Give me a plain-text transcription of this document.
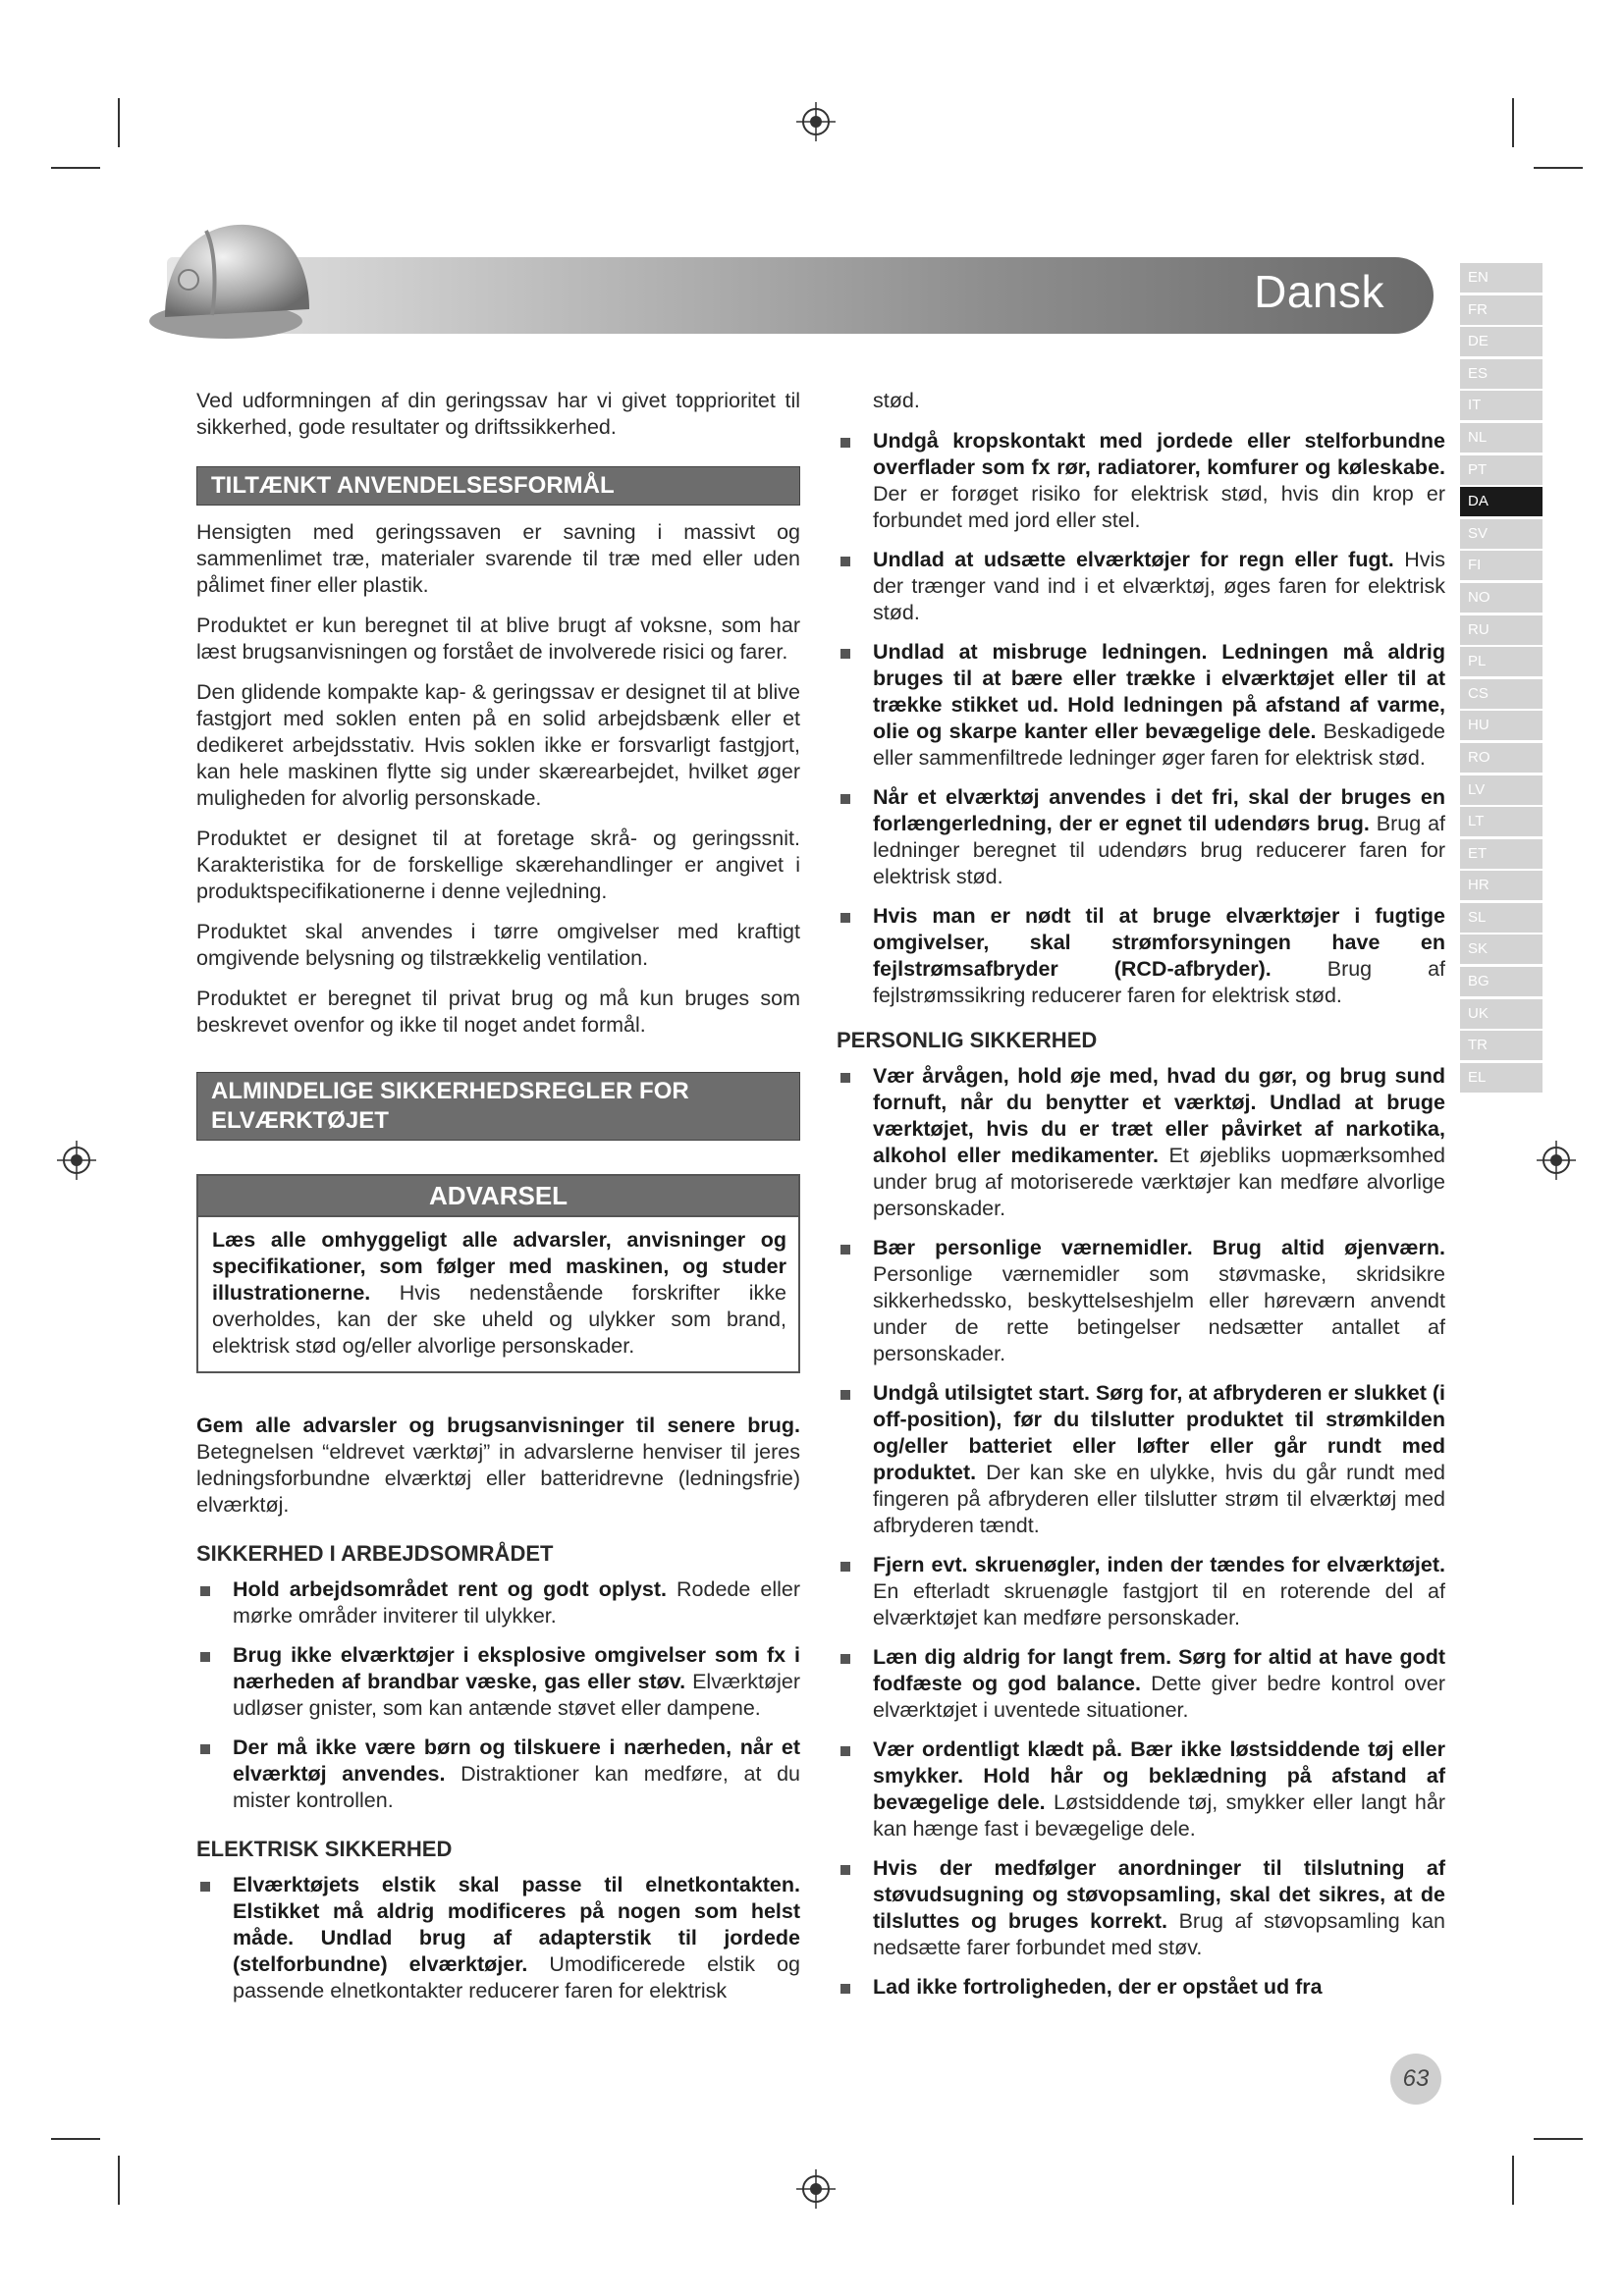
Dansk	EN
FR
DE
ES
IT
NL
PT
DA
SV
FI
NO
RU
PL
CS
HU
RO
LV
LT
ET
HR
SL
SK
BG
UK
TR
EL

Ved udformningen af din geringssav har vi givet topprioritet til sikkerhed, gode resultater og driftssikkerhed.

TILTÆNKT ANVENDELSESFORMÅL

Hensigten med geringssaven er savning i massivt og sammenlimet træ, materialer svarende til træ med eller uden pålimet finer eller plastik.

Produktet er kun beregnet til at blive brugt af voksne, som har læst brugsanvisningen og forstået de involverede risici og farer.

Den glidende kompakte kap- & geringssav er designet til at blive fastgjort med soklen enten på en solid arbejdsbænk eller et dedikeret arbejdsstativ. Hvis soklen ikke er forsvarligt fastgjort, kan hele maskinen flytte sig under skærearbejdet, hvilket øger muligheden for alvorlig personskade.

Produktet er designet til at foretage skrå- og geringssnit. Karakteristika for de forskellige skærehandlinger er angivet i produktspecifikationerne i denne vejledning.

Produktet skal anvendes i tørre omgivelser med kraftigt omgivende belysning og tilstrækkelig ventilation.

Produktet er beregnet til privat brug og må kun bruges som beskrevet ovenfor og ikke til noget andet formål.

ALMINDELIGE SIKKERHEDSREGLER FOR ELVÆRKTØJET
ADVARSEL
Læs alle omhyggeligt alle advarsler, anvisninger og specifikationer, som følger med maskinen, og studer illustrationerne. Hvis nedenstående forskrifter ikke overholdes, kan der ske uheld og ulykker som brand, elektrisk stød og/eller alvorlige personskader.

Gem alle advarsler og brugsanvisninger til senere brug. Betegnelsen “eldrevet værktøj” in advarslerne henviser til jeres ledningsforbundne elværktøj eller batteridrevne (ledningsfrie) elværktøj.

SIKKERHED I ARBEJDSOMRÅDET
Hold arbejdsområdet rent og godt oplyst. Rodede eller mørke områder inviterer til ulykker.
Brug ikke elværktøjer i eksplosive omgivelser som fx i nærheden af brandbar væske, gas eller støv. Elværktøjer udløser gnister, som kan antænde støvet eller dampene.
Der må ikke være børn og tilskuere i nærheden, når et elværktøj anvendes. Distraktioner kan medføre, at du mister kontrollen.
ELEKTRISK SIKKERHED
Elværktøjets elstik skal passe til elnetkontakten. Elstikket må aldrig modificeres på nogen som helst måde. Undlad brug af adapterstik til jordede (stelforbundne) elværktøjer. Umodificerede elstik og passende elnetkontakter reducerer faren for elektrisk

stød.

Undgå kropskontakt med jordede eller stelforbundne overflader som fx rør, radiatorer, komfurer og køleskabe. Der er forøget risiko for elektrisk stød, hvis din krop er forbundet med jord eller stel.
Undlad at udsætte elværktøjer for regn eller fugt. Hvis der trænger vand ind i et elværktøj, øges faren for elektrisk stød.
Undlad at misbruge ledningen. Ledningen må aldrig bruges til at bære eller trække i elværktøjet eller til at trække stikket ud. Hold ledningen på afstand af varme, olie og skarpe kanter eller bevægelige dele. Beskadigede eller sammenfiltrede ledninger øger faren for elektrisk stød.
Når et elværktøj anvendes i det fri, skal der bruges en forlængerledning, der er egnet til udendørs brug. Brug af ledninger beregnet til udendørs brug reducerer faren for elektrisk stød.
Hvis man er nødt til at bruge elværktøjer i fugtige omgivelser, skal strømforsyningen have en fejlstrømsafbryder (RCD-afbryder). Brug af fejlstrømssikring reducerer faren for elektrisk stød.
PERSONLIG SIKKERHED
Vær årvågen, hold øje med, hvad du gør, og brug sund fornuft, når du benytter et værktøj. Undlad at bruge værktøjet, hvis du er træt eller påvirket af narkotika, alkohol eller medikamenter. Et øjebliks uopmærksomhed under brug af motoriserede værktøjer kan medføre alvorlige personskader.
Bær personlige værnemidler. Brug altid øjenværn. Personlige værnemidler som støvmaske, skridsikre sikkerhedssko, beskyttelseshjelm eller høreværn anvendt under de rette betingelser nedsætter antallet af personskader.
Undgå utilsigtet start. Sørg for, at afbryderen er slukket (i off-position), før du tilslutter produktet til strømkilden og/eller batteriet eller løfter eller går rundt med produktet. Der kan ske en ulykke, hvis du går rundt med fingeren på afbryderen eller tilslutter strøm til elværktøj med afbryderen tændt.
Fjern evt. skruenøgler, inden der tændes for elværktøjet. En efterladt skruenøgle fastgjort til en roterende del af elværktøjet kan medføre personskader.
Læn dig aldrig for langt frem. Sørg for altid at have godt fodfæste og god balance. Dette giver bedre kontrol over elværktøjet i uventede situationer.
Vær ordentligt klædt på. Bær ikke løstsiddende tøj eller smykker. Hold hår og beklædning på afstand af bevægelige dele. Løstsiddende tøj, smykker eller langt hår kan hænge fast i bevægelige dele.
Hvis der medfølger anordninger til tilslutning af støvudsugning og støvopsamling, skal det sikres, at de tilsluttes og bruges korrekt. Brug af støvopsamling kan nedsætte farer forbundet med støv.
Lad ikke fortroligheden, der er opstået ud fra
63
